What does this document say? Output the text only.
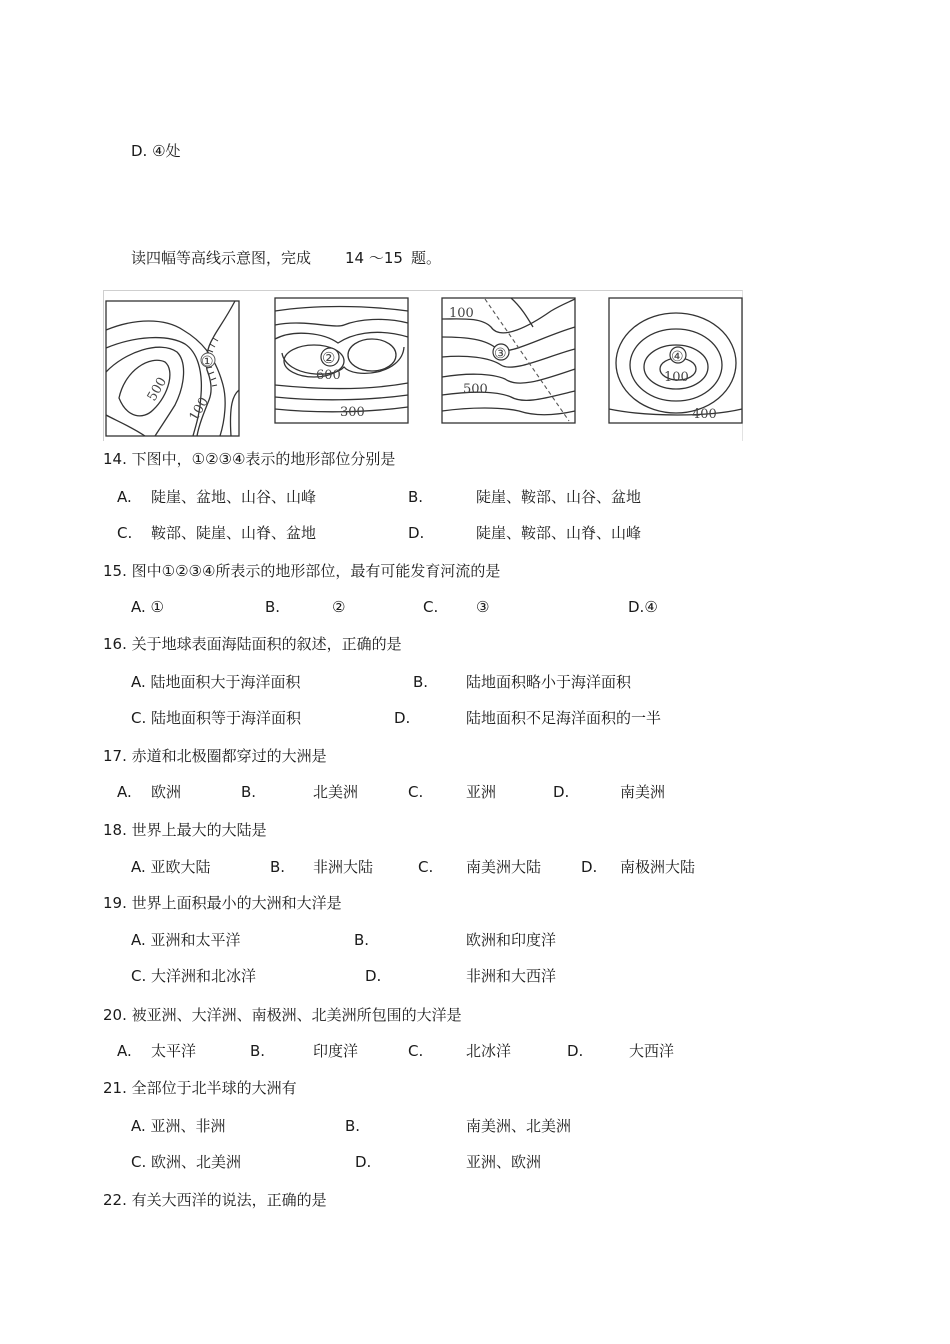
D. ④处
读四幅等高线示意图，完成 14 ～15 题。
①
500
100
②
600
300
③
100
500
④
100
400
14. 下图中，①②③④表示的地形部位分别是
A. 陡崖、盆地、山谷、山峰	B.	陡崖、鞍部、山谷、盆地
C. 鞍部、陡崖、山脊、盆地	D.	陡崖、鞍部、山脊、山峰
15. 图中①②③④所表示的地形部位，最有可能发育河流的是
A. ①	B.	②	C.	③	D.④
16. 关于地球表面海陆面积的叙述，正确的是
A. 陆地面积大于海洋面积	B.	陆地面积略小于海洋面积
C. 陆地面积等于海洋面积	D.	陆地面积不足海洋面积的一半
17. 赤道和北极圈都穿过的大洲是
A. 欧洲	B.	北美洲	C.	亚洲	D.	南美洲
18. 世界上最大的大陆是
A. 亚欧大陆	B. 非洲大陆	C. 南美洲大陆	D. 南极洲大陆
19. 世界上面积最小的大洲和大洋是
A. 亚洲和太平洋	B.	欧洲和印度洋
C. 大洋洲和北冰洋	D.	非洲和大西洋
20. 被亚洲、大洋洲、南极洲、北美洲所包围的大洋是
A. 太平洋	B.	印度洋	C.	北冰洋	D.	大西洋
21. 全部位于北半球的大洲有
A. 亚洲、非洲	B.	南美洲、北美洲
C. 欧洲、北美洲	D.	亚洲、欧洲
22. 有关大西洋的说法，正确的是
